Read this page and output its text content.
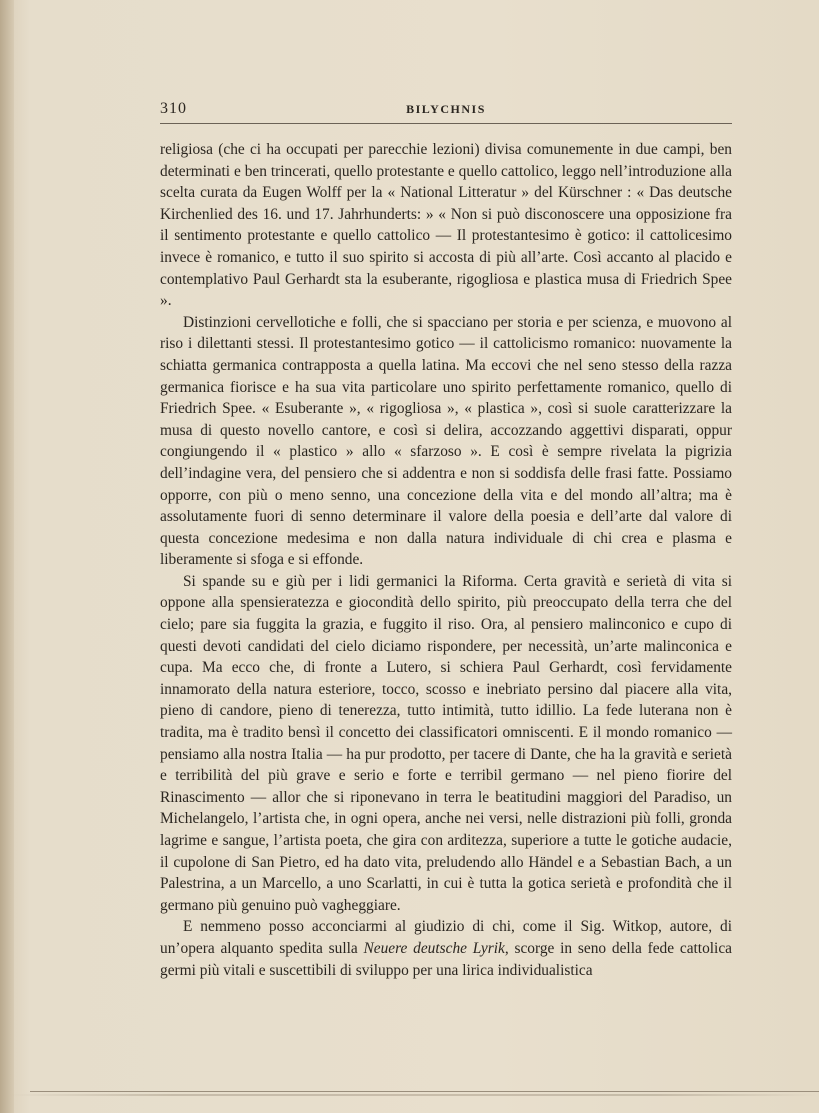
310	BILYCHNIS

religiosa (che ci ha occupati per parecchie lezioni) divisa comunemente in due campi, ben determinati e ben trincerati, quello protestante e quello cattolico, leggo nell’introduzione alla scelta curata da Eugen Wolff per la « National Litteratur » del Kürschner : « Das deutsche Kirchenlied des 16. und 17. Jahrhunderts: » « Non si può disconoscere una opposizione fra il sentimento protestante e quello cattolico — Il protestantesimo è gotico: il cattolicesimo invece è romanico, e tutto il suo spirito si accosta di più all’arte. Così accanto al placido e contemplativo Paul Gerhardt sta la esuberante, rigogliosa e plastica musa di Friedrich Spee ».

Distinzioni cervellotiche e folli, che si spacciano per storia e per scienza, e muovono al riso i dilettanti stessi. Il protestantesimo gotico — il cattolicismo romanico: nuovamente la schiatta germanica contrapposta a quella latina. Ma eccovi che nel seno stesso della razza germanica fiorisce e ha sua vita particolare uno spirito perfettamente romanico, quello di Friedrich Spee. « Esuberante », « rigogliosa », « plastica », così si suole caratterizzare la musa di questo novello cantore, e così si delira, accozzando aggettivi disparati, oppur congiungendo il « plastico » allo « sfarzoso ». E così è sempre rivelata la pigrizia dell’indagine vera, del pensiero che si addentra e non si soddisfa delle frasi fatte. Possiamo opporre, con più o meno senno, una concezione della vita e del mondo all’altra; ma è assolutamente fuori di senno determinare il valore della poesia e dell’arte dal valore di questa concezione medesima e non dalla natura individuale di chi crea e plasma e liberamente si sfoga e si effonde.

Si spande su e giù per i lidi germanici la Riforma. Certa gravità e serietà di vita si oppone alla spensieratezza e giocondità dello spirito, più preoccupato della terra che del cielo; pare sia fuggita la grazia, e fuggito il riso. Ora, al pensiero malinconico e cupo di questi devoti candidati del cielo diciamo rispondere, per necessità, un’arte malinconica e cupa. Ma ecco che, di fronte a Lutero, si schiera Paul Gerhardt, così fervidamente innamorato della natura esteriore, tocco, scosso e inebriato persino dal piacere alla vita, pieno di candore, pieno di tenerezza, tutto intimità, tutto idillio. La fede luterana non è tradita, ma è tradito bensì il concetto dei classificatori omniscenti. E il mondo romanico — pensiamo alla nostra Italia — ha pur prodotto, per tacere di Dante, che ha la gravità e serietà e terribilità del più grave e serio e forte e terribil germano — nel pieno fiorire del Rinascimento — allor che si riponevano in terra le beatitudini maggiori del Paradiso, un Michelangelo, l’artista che, in ogni opera, anche nei versi, nelle distrazioni più folli, gronda lagrime e sangue, l’artista poeta, che gira con arditezza, superiore a tutte le gotiche audacie, il cupolone di San Pietro, ed ha dato vita, preludendo allo Händel e a Sebastian Bach, a un Palestrina, a un Marcello, a uno Scarlatti, in cui è tutta la gotica serietà e profondità che il germano più genuino può vagheggiare.

E nemmeno posso acconciarmi al giudizio di chi, come il Sig. Witkop, autore, di un’opera alquanto spedita sulla Neuere deutsche Lyrik, scorge in seno della fede cattolica germi più vitali e suscettibili di sviluppo per una lirica individualistica
